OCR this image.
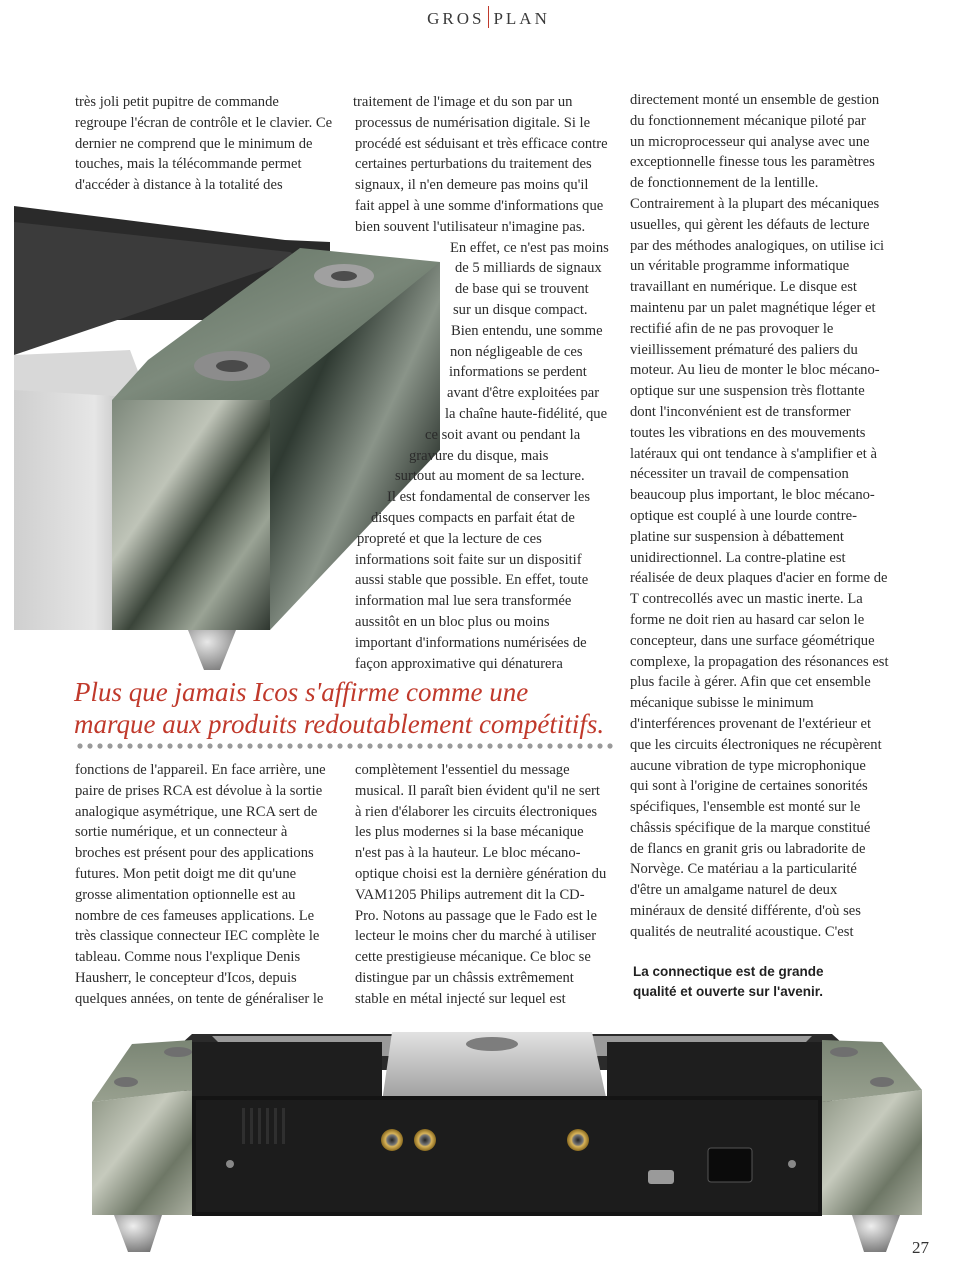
GROS PLAN

très joli petit pupitre de commande

regroupe l'écran de contrôle et le clavier. Ce

dernier ne comprend que le minimum de

touches, mais la télécommande permet

d'accéder à distance à la totalité des

traitement de l'image et du son par un

processus de numérisation digitale. Si le

procédé est séduisant et très efficace contre

certaines perturbations du traitement des

signaux, il n'en demeure pas moins qu'il

fait appel à une somme d'informations que

bien souvent l'utilisateur n'imagine pas.

En effet, ce n'est pas moins

de 5 milliards de signaux

de base qui se trouvent

sur un disque compact.

Bien entendu, une somme

non négligeable de ces

informations se perdent

avant d'être exploitées par

la chaîne haute-fidélité, que

ce soit avant ou pendant la

gravure du disque, mais

surtout au moment de sa lecture.

Il est fondamental de conserver les

disques compacts en parfait état de

propreté et que la lecture de ces

informations soit faite sur un dispositif

aussi stable que possible. En effet, toute

information mal lue sera transformée

aussitôt en un bloc plus ou moins

important d'informations numérisées de

façon approximative qui dénaturera

directement monté un ensemble de gestion

du fonctionnement mécanique piloté par

un microprocesseur qui analyse avec une

exceptionnelle finesse tous les paramètres

de fonctionnement de la lentille.

Contrairement à la plupart des mécaniques

usuelles, qui gèrent les défauts de lecture

par des méthodes analogiques, on utilise ici

un véritable programme informatique

travaillant en numérique. Le disque est

maintenu par un palet magnétique léger et

rectifié afin de ne pas provoquer le

vieillissement prématuré des paliers du

moteur. Au lieu de monter le bloc mécano-

optique sur une suspension très flottante

dont l'inconvénient est de transformer

toutes les vibrations en des mouvements

latéraux qui ont tendance à s'amplifier et à

nécessiter un travail de compensation

beaucoup plus important, le bloc mécano-

optique est couplé à une lourde contre-

platine sur suspension à débattement

unidirectionnel. La contre-platine est

réalisée de deux plaques d'acier en forme de

T contrecollés avec un mastic inerte. La

forme ne doit rien au hasard car selon le

concepteur, dans une surface géométrique

complexe, la propagation des résonances est

plus facile à gérer. Afin que cet ensemble

mécanique subisse le minimum

d'interférences provenant de l'extérieur et

que les circuits électroniques ne récupèrent

aucune vibration de type microphonique

qui sont à l'origine de certaines sonorités

spécifiques, l'ensemble est monté sur le

châssis spécifique de la marque constitué

de flancs en granit gris ou labradorite de

Norvège. Ce matériau a la particularité

d'être un amalgame naturel de deux

minéraux de densité différente, d'où ses

qualités de neutralité acoustique. C'est

Plus que jamais Icos s'affirme comme une
marque aux produits redoutablement compétitifs.

fonctions de l'appareil. En face arrière, une

paire de prises RCA est dévolue à la sortie

analogique asymétrique, une RCA sert de

sortie numérique, et un connecteur à

broches est présent pour des applications

futures. Mon petit doigt me dit qu'une

grosse alimentation optionnelle est au

nombre de ces fameuses applications. Le

très classique connecteur IEC complète le

tableau. Comme nous l'explique Denis

Hausherr, le concepteur d'Icos, depuis

quelques années, on tente de généraliser le

complètement l'essentiel du message

musical. Il paraît bien évident qu'il ne sert

à rien d'élaborer les circuits électroniques

les plus modernes si la base mécanique

n'est pas à la hauteur. Le bloc mécano-

optique choisi est la dernière génération du

VAM1205 Philips autrement dit la CD-

Pro. Notons au passage que le Fado est le

lecteur le moins cher du marché à utiliser

cette prestigieuse mécanique. Ce bloc se

distingue par un châssis extrêmement

stable en métal injecté sur lequel est

La connectique est de grande
qualité et ouverte sur l'avenir.
27
